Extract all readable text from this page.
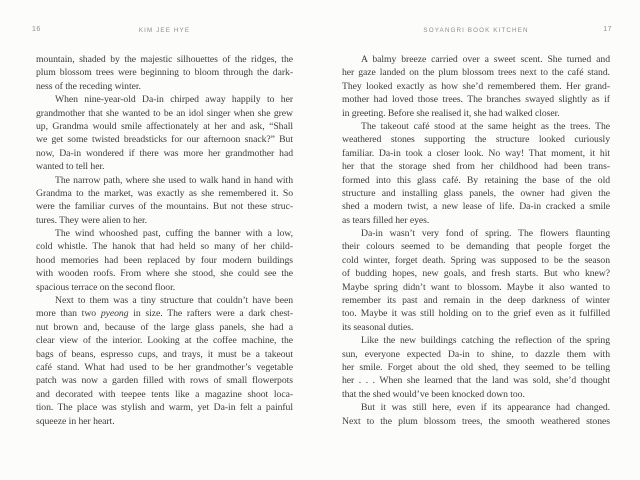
16	KIM JEE HYE
mountain, shaded by the majestic silhouettes of the ridges, the
plum blossom trees were beginning to bloom through the dark-
ness of the receding winter.
When nine-year-old Da-in chirped away happily to her
grandmother that she wanted to be an idol singer when she grew
up, Grandma would smile affectionately at her and ask, “Shall
we get some twisted breadsticks for our afternoon snack?” But
now, Da-in wondered if there was more her grandmother had
wanted to tell her.
The narrow path, where she used to walk hand in hand with
Grandma to the market, was exactly as she remembered it. So
were the familiar curves of the mountains. But not these struc-
tures. They were alien to her.
The wind whooshed past, cuffing the banner with a low,
cold whistle. The hanok that had held so many of her child-
hood memories had been replaced by four modern buildings
with wooden roofs. From where she stood, she could see the
spacious terrace on the second floor.
Next to them was a tiny structure that couldn’t have been
more than two pyeong in size. The rafters were a dark chest-
nut brown and, because of the large glass panels, she had a
clear view of the interior. Looking at the coffee machine, the
bags of beans, espresso cups, and trays, it must be a takeout
café stand. What had used to be her grandmother’s vegetable
patch was now a garden filled with rows of small flowerpots
and decorated with teepee tents like a magazine shoot loca-
tion. The place was stylish and warm, yet Da-in felt a painful
squeeze in her heart.
17
SOYANGRI BOOK KITCHEN
A balmy breeze carried over a sweet scent. She turned and
her gaze landed on the plum blossom trees next to the café stand.
They looked exactly as how she’d remembered them. Her grand-
mother had loved those trees. The branches swayed slightly as if
in greeting. Before she realised it, she had walked closer.
The takeout café stood at the same height as the trees. The
weathered stones supporting the structure looked curiously
familiar. Da-in took a closer look. No way! That moment, it hit
her that the storage shed from her childhood had been trans-
formed into this glass café. By retaining the base of the old
structure and installing glass panels, the owner had given the
shed a modern twist, a new lease of life. Da-in cracked a smile
as tears filled her eyes.
Da-in wasn’t very fond of spring. The flowers flaunting
their colours seemed to be demanding that people forget the
cold winter, forget death. Spring was supposed to be the season
of budding hopes, new goals, and fresh starts. But who knew?
Maybe spring didn’t want to blossom. Maybe it also wanted to
remember its past and remain in the deep darkness of winter
too. Maybe it was still holding on to the grief even as it fulfilled
its seasonal duties.
Like the new buildings catching the reflection of the spring
sun, everyone expected Da-in to shine, to dazzle them with
her smile. Forget about the old shed, they seemed to be telling
her . . . When she learned that the land was sold, she’d thought
that the shed would’ve been knocked down too.
But it was still here, even if its appearance had changed.
Next to the plum blossom trees, the smooth weathered stones
